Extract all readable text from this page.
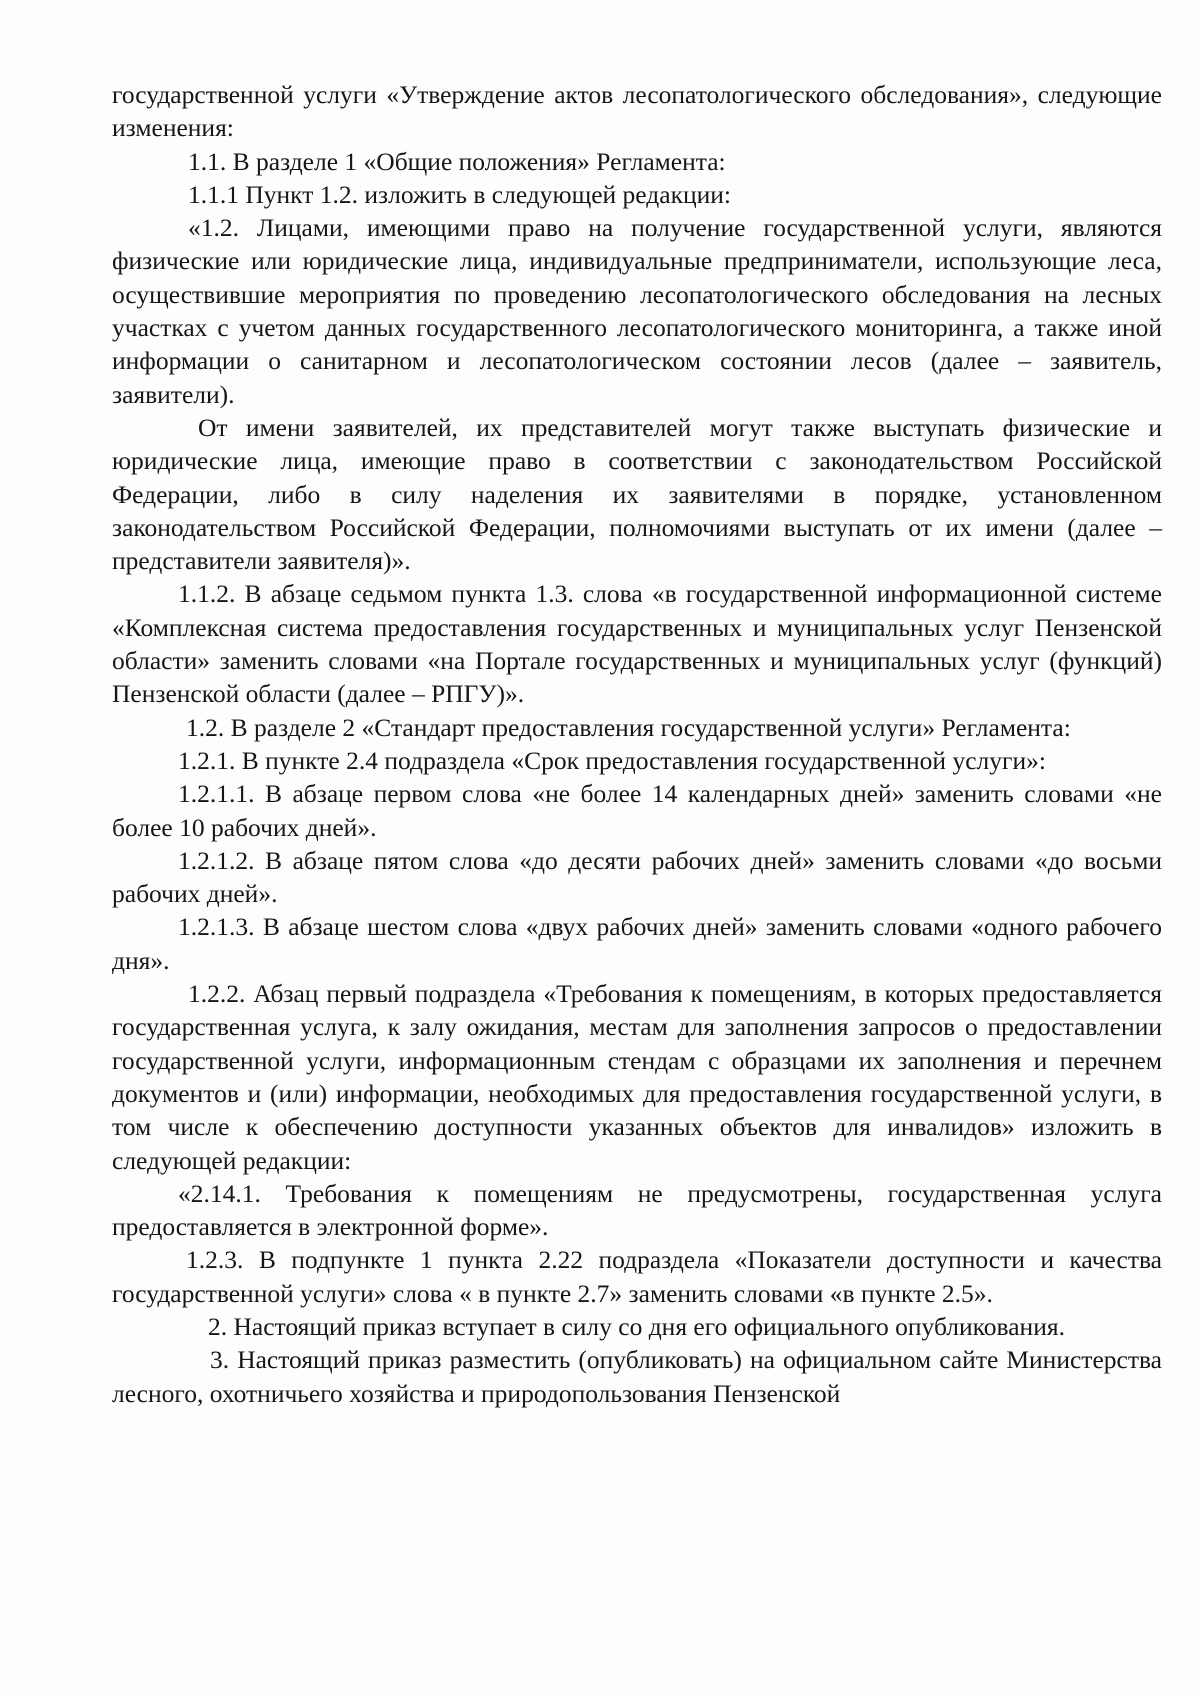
государственной услуги «Утверждение актов лесопатологического обследования», следующие изменения:

1.1. В разделе 1 «Общие положения» Регламента:

1.1.1 Пункт 1.2. изложить в следующей редакции:

«1.2. Лицами, имеющими право на получение государственной услуги, являются физические или юридические лица, индивидуальные предприниматели, использующие леса, осуществившие мероприятия по проведению лесопатологического обследования на лесных участках с учетом данных государственного лесопатологического мониторинга, а также иной информации о санитарном и лесопатологическом состоянии лесов (далее – заявитель, заявители).

От имени заявителей, их представителей могут также выступать физические и юридические лица, имеющие право в соответствии с законодательством Российской Федерации, либо в силу наделения их заявителями в порядке, установленном законодательством Российской Федерации, полномочиями выступать от их имени (далее – представители заявителя)».

1.1.2. В абзаце седьмом пункта 1.3. слова «в государственной информационной системе «Комплексная система предоставления государственных и муниципальных услуг Пензенской области» заменить словами «на Портале государственных и муниципальных услуг (функций) Пензенской области (далее – РПГУ)».

1.2. В разделе 2 «Стандарт предоставления государственной услуги» Регламента:

1.2.1. В пункте 2.4 подраздела «Срок предоставления государственной услуги»:

1.2.1.1. В абзаце первом слова «не более 14 календарных дней» заменить словами «не более 10 рабочих дней».

1.2.1.2. В абзаце пятом слова «до десяти рабочих дней» заменить словами «до восьми рабочих дней».

1.2.1.3. В абзаце шестом слова «двух рабочих дней» заменить словами «одного рабочего дня».

1.2.2. Абзац первый подраздела «Требования к помещениям, в которых предоставляется государственная услуга, к залу ожидания, местам для заполнения запросов о предоставлении государственной услуги, информационным стендам с образцами их заполнения и перечнем документов и (или) информации, необходимых для предоставления государственной услуги, в том числе к обеспечению доступности указанных объектов для инвалидов» изложить в следующей редакции:

«2.14.1. Требования к помещениям не предусмотрены, государственная услуга предоставляется в электронной форме».

1.2.3. В подпункте 1 пункта 2.22 подраздела «Показатели доступности и качества государственной услуги» слова « в пункте 2.7» заменить словами «в пункте 2.5».

2. Настоящий приказ вступает в силу со дня его официального опубликования.

3. Настоящий приказ разместить (опубликовать) на официальном сайте Министерства лесного, охотничьего хозяйства и природопользования Пензенской
